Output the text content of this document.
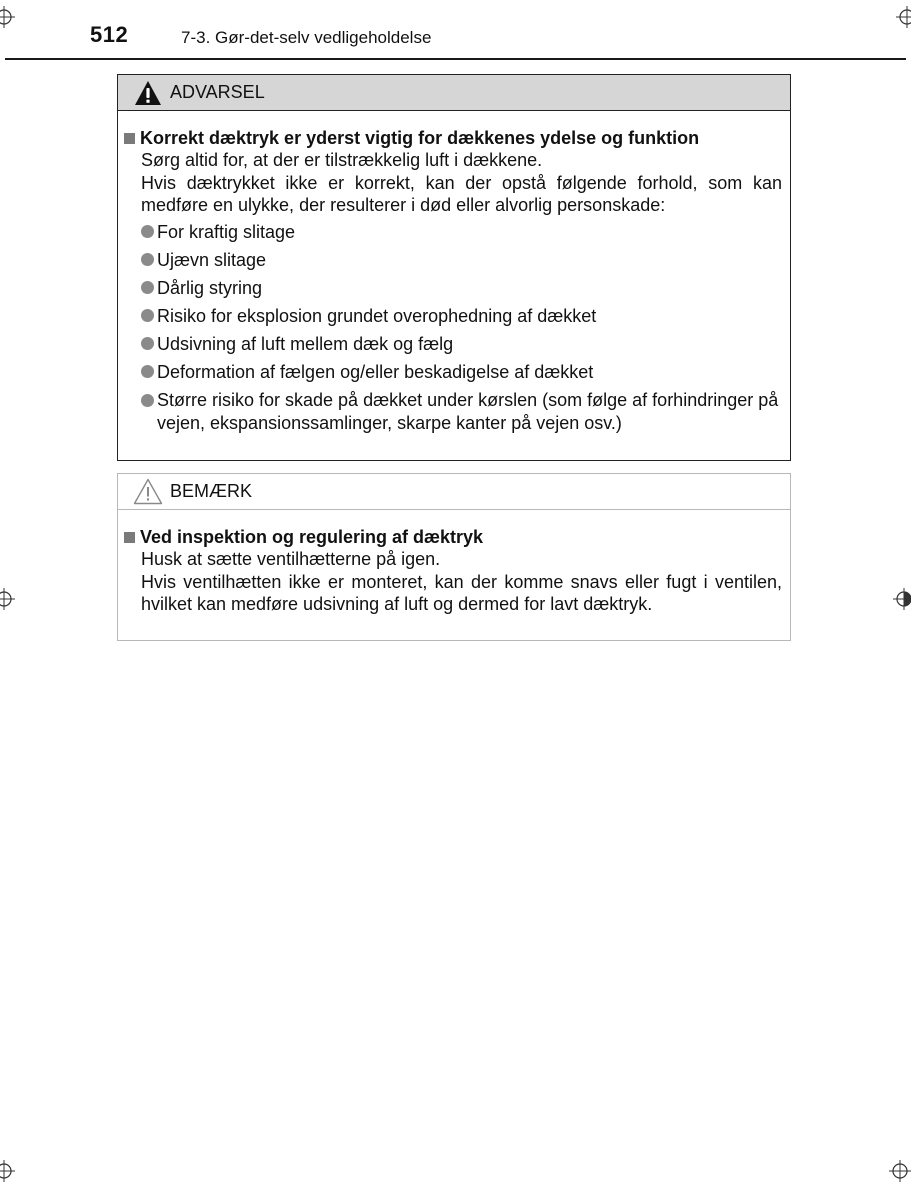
512	7-3. Gør-det-selv vedligeholdelse
ADVARSEL
Korrekt dæktryk er yderst vigtig for dækkenes ydelse og funktion
Sørg altid for, at der er tilstrækkelig luft i dækkene.
Hvis dæktrykket ikke er korrekt, kan der opstå følgende forhold, som kan medføre en ulykke, der resulterer i død eller alvorlig personskade:
For kraftig slitage
Ujævn slitage
Dårlig styring
Risiko for eksplosion grundet overophedning af dækket
Udsivning af luft mellem dæk og fælg
Deformation af fælgen og/eller beskadigelse af dækket
Større risiko for skade på dækket under kørslen (som følge af forhindringer på vejen, ekspansionssamlinger, skarpe kanter på vejen osv.)
BEMÆRK
Ved inspektion og regulering af dæktryk
Husk at sætte ventilhætterne på igen.
Hvis ventilhætten ikke er monteret, kan der komme snavs eller fugt i ventilen, hvilket kan medføre udsivning af luft og dermed for lavt dæktryk.
